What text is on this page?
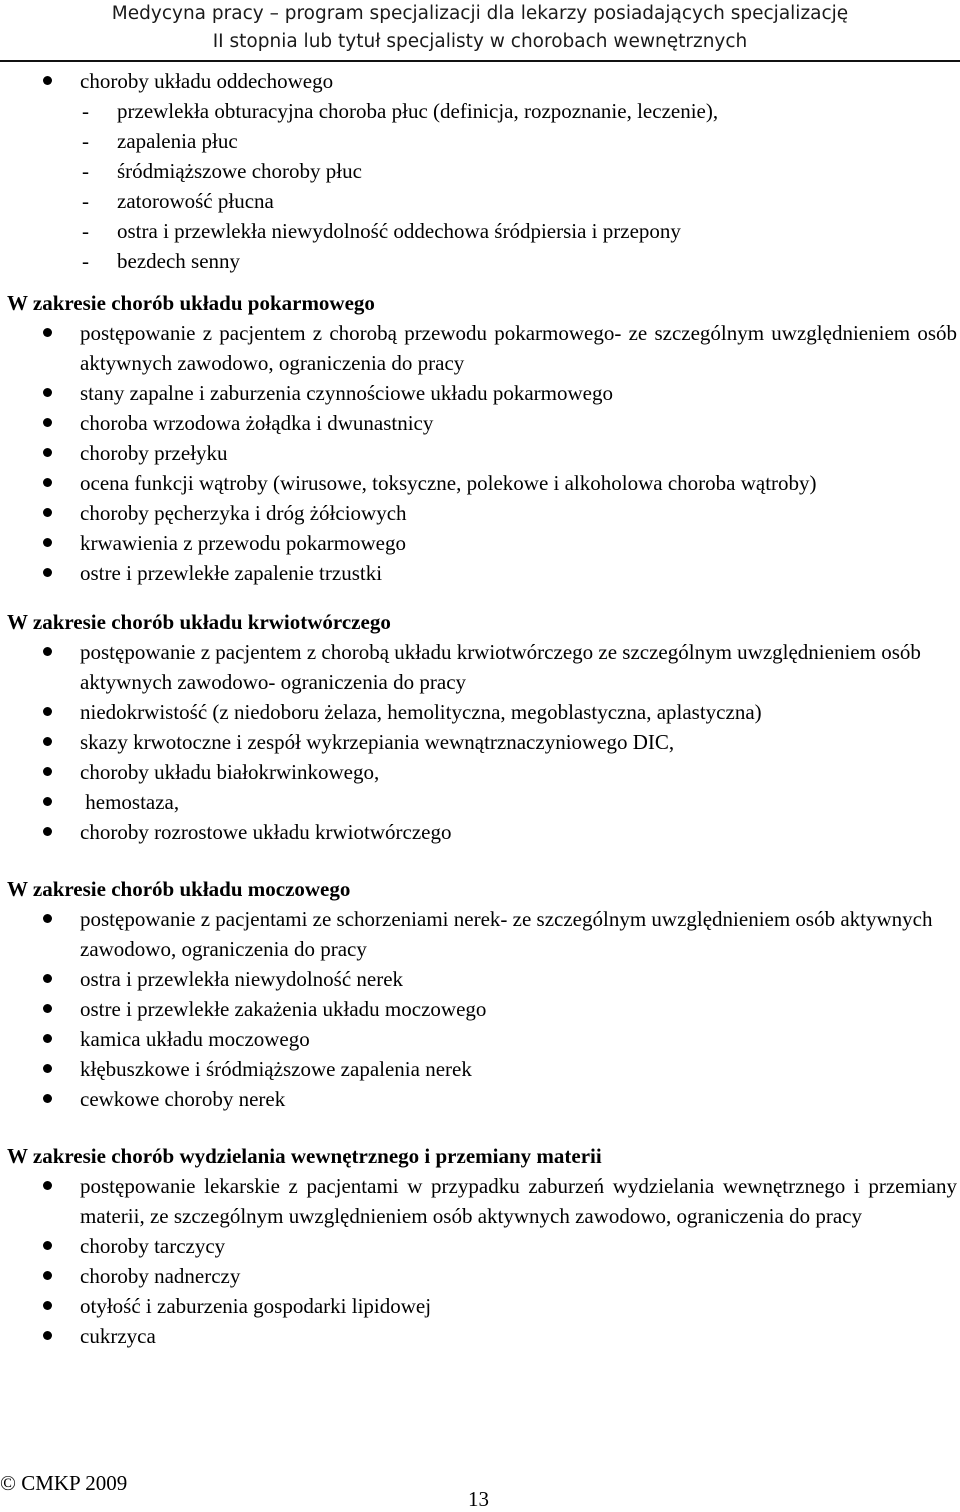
Medycyna pracy – program specjalizacji dla lekarzy posiadających specjalizację
II stopnia lub tytuł specjalisty w chorobach wewnętrznych
choroby układu oddechowego
- przewlekła obturacyjna choroba płuc (definicja, rozpoznanie, leczenie),
- zapalenia płuc
- śródmiąższowe choroby płuc
- zatorowość płucna
- ostra i przewlekła niewydolność oddechowa śródpiersia i przepony
- bezdech senny
W zakresie chorób układu pokarmowego
postępowanie z pacjentem z chorobą przewodu pokarmowego- ze szczególnym uwzględnieniem osób aktywnych zawodowo, ograniczenia do pracy
stany zapalne i zaburzenia czynnościowe układu pokarmowego
choroba wrzodowa żołądka i dwunastnicy
choroby przełyku
ocena funkcji wątroby (wirusowe, toksyczne, polekowe i alkoholowa choroba wątroby)
choroby pęcherzyka i dróg żółciowych
krwawienia z przewodu pokarmowego
ostre i przewlekłe zapalenie trzustki
W zakresie chorób układu krwiotwórczego
postępowanie z pacjentem z chorobą układu krwiotwórczego ze szczególnym uwzględnieniem osób aktywnych zawodowo- ograniczenia do pracy
niedokrwistość (z niedoboru żelaza, hemolityczna, megoblastyczna, aplastyczna)
skazy krwotoczne i zespół wykrzepiania wewnątrznaczyniowego DIC,
choroby układu białokrwinkowego,
hemostaza,
choroby rozrostowe układu krwiotwórczego
W zakresie chorób układu moczowego
postępowanie z pacjentami ze schorzeniami nerek- ze szczególnym uwzględnieniem osób aktywnych zawodowo, ograniczenia do pracy
ostra i przewlekła niewydolność nerek
ostre i przewlekłe zakażenia układu moczowego
kamica układu moczowego
kłębuszkowe i śródmiąższowe zapalenia nerek
cewkowe choroby nerek
W zakresie chorób wydzielania wewnętrznego i przemiany materii
postępowanie lekarskie z pacjentami w przypadku zaburzeń wydzielania wewnętrznego i przemiany materii, ze szczególnym uwzględnieniem osób aktywnych zawodowo, ograniczenia do pracy
choroby tarczycy
choroby nadnerczy
otyłość i zaburzenia gospodarki lipidowej
cukrzyca
© CMKP 2009
13
